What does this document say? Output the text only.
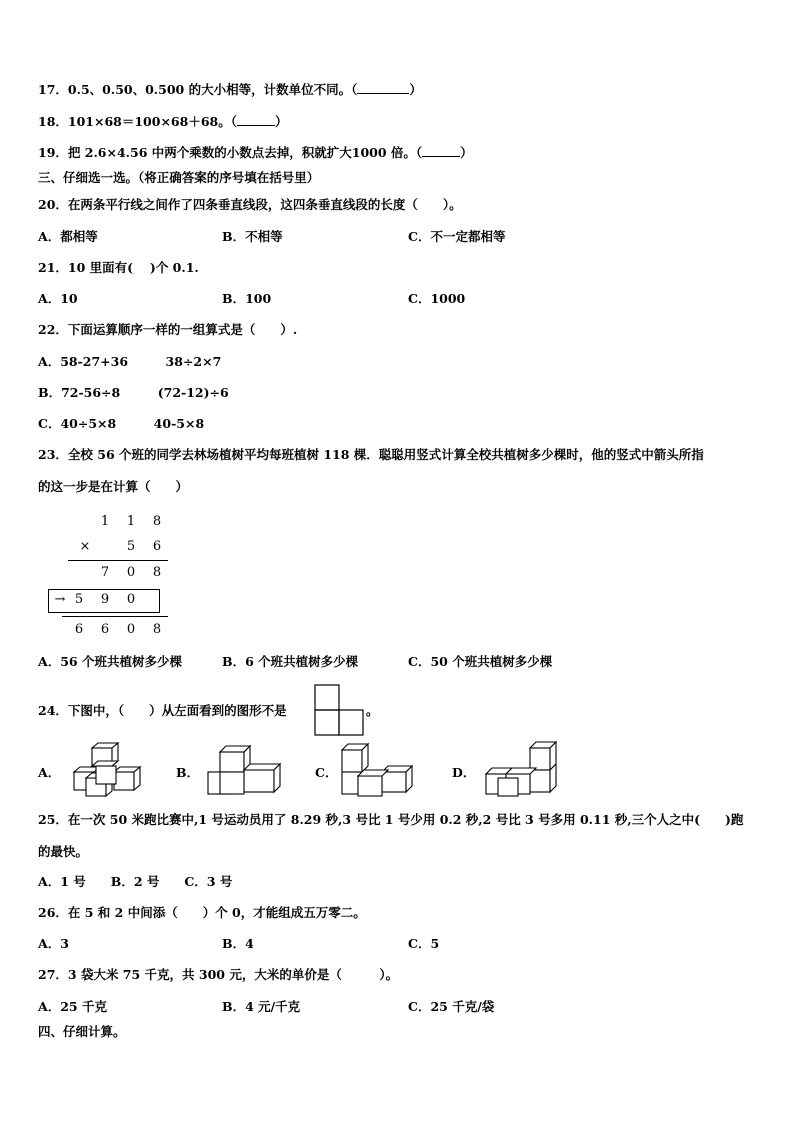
17．0.5、0.50、0.500 的大小相等，计数单位不同。（	）
18．101×68＝100×68＋68。（	）
19．把 2.6×4.56 中两个乘数的小数点去掉，积就扩大1000 倍。（	）
三、仔细选一选。（将正确答案的序号填在括号里）
20．在两条平行线之间作了四条垂直线段，这四条垂直线段的长度（　　）。
A．都相等	B．不相等	C．不一定都相等
21．10 里面有(　 )个 0.1.
A．10	B．100	C．1000
22．下面运算顺序一样的一组算式是（　　）.
A．58-27+36　　　38÷2×7
B．72-56÷8　　　(72-12)÷6
C．40÷5×8　　　40-5×8
23．全校 56 个班的同学去林场植树平均每班植树 118 棵．聪聪用竖式计算全校共植树多少棵时，他的竖式中箭头所指
的这一步是在计算（　　）
1 1 8
×	5 6
7 0 8
→ 5 9 0
6 6 0 8
A．56 个班共植树多少棵	B．6 个班共植树多少棵	C．50 个班共植树多少棵
24．下图中，（　　）从左面看到的图形不是	。
A．	B．	C．	D．
25．在一次 50 米跑比赛中,1 号运动员用了 8.29 秒,3 号比 1 号少用 0.2 秒,2 号比 3 号多用 0.11 秒,三个人之中(　　)跑
的最快。
A．1 号　　B．2 号　　C．3 号
26．在 5 和 2 中间添（　　）个 0，才能组成五万零二。
A．3	B．4	C．5
27．3 袋大米 75 千克，共 300 元，大米的单价是（　　　）。
A．25 千克	B．4 元/千克	C．25 千克/袋
四、仔细计算。
